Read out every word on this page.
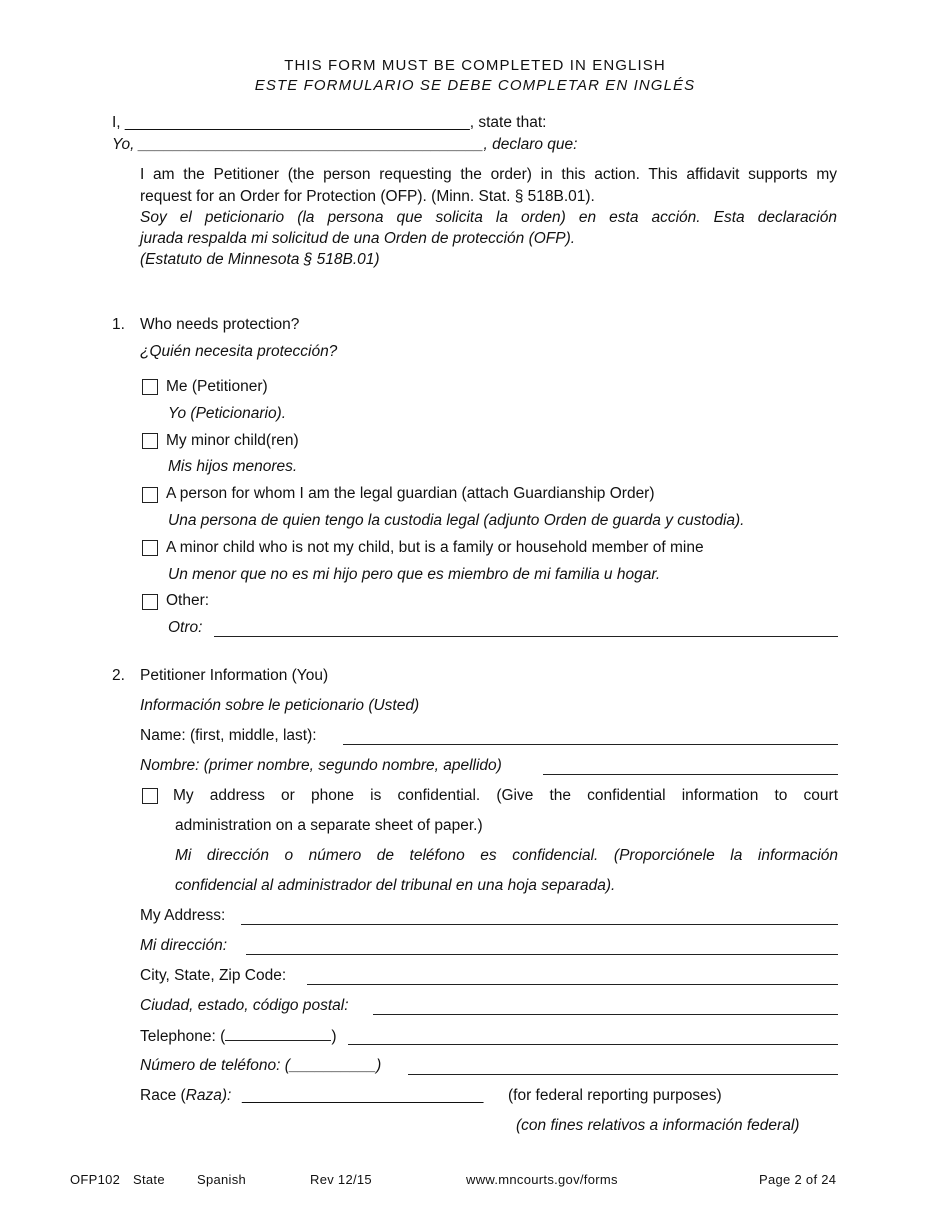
THIS FORM MUST BE COMPLETED IN ENGLISH
ESTE FORMULARIO SE DEBE COMPLETAR EN INGLÉS
I, ________________________________________, state that:
Yo, ________________________________________, declaro que:
I am the Petitioner (the person requesting the order) in this action. This affidavit supports my
request for an Order for Protection (OFP). (Minn. Stat. § 518B.01).
Soy el peticionario (la persona que solicita la orden) en esta acción. Esta declaración
jurada respalda mi solicitud de una Orden de protección (OFP).
(Estatuto de Minnesota § 518B.01)
1. Who needs protection?
¿Quién necesita protección?
Me (Petitioner)
Yo (Peticionario).
My minor child(ren)
Mis hijos menores.
A person for whom I am the legal guardian (attach Guardianship Order)
Una persona de quien tengo la custodia legal (adjunto Orden de guarda y custodia).
A minor child who is not my child, but is a family or household member of mine
Un menor que no es mi hijo pero que es miembro de mi familia u hogar.
Other:
Otro:
2. Petitioner Information (You)
Información sobre le peticionario (Usted)
Name: (first, middle, last):
Nombre: (primer nombre, segundo nombre, apellido)
My address or phone is confidential. (Give the confidential information to court
administration on a separate sheet of paper.)
Mi dirección o número de teléfono es confidencial. (Proporciónele la información
confidencial al administrador del tribunal en una hoja separada).
My Address:
Mi dirección:
City, State, Zip Code:
Ciudad, estado, código postal:
Telephone: (	)
Número de teléfono: (__________)
Race (Raza): ____________________________ (for federal reporting purposes)
(con fines relativos a información federal)
OFP102 State Spanish	Rev 12/15	www.mncourts.gov/forms	Page 2 of 24
